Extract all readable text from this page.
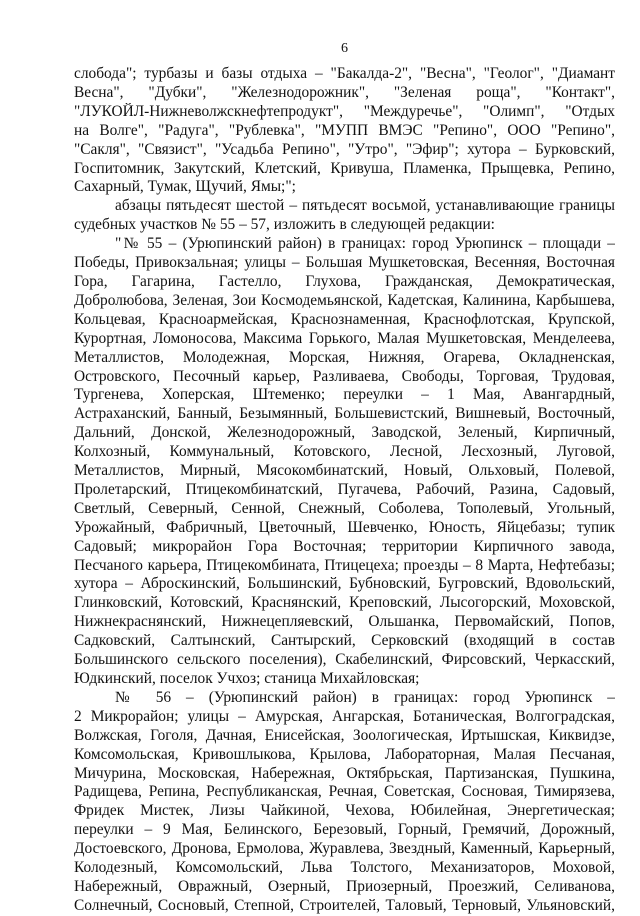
6
слобода"; турбазы и базы отдыха – "Бакалда-2", "Весна", "Геолог", "Диамант
Весна", "Дубки", "Железнодорожник", "Зеленая роща", "Контакт",
"ЛУКОЙЛ-Нижневолжскнефтепродукт", "Междуречье", "Олимп", "Отдых
на Волге", "Радуга", "Рублевка", "МУПП ВМЭС "Репино", ООО "Репино",
"Сакля", "Связист", "Усадьба Репино", "Утро", "Эфир"; хутора – Бурковский,
Госпитомник, Закутский, Клетский, Кривуша, Пламенка, Прыщевка, Репино,
Сахарный, Тумак, Щучий, Ямы;";
абзацы пятьдесят шестой – пятьдесят восьмой, устанавливающие границы
судебных участков № 55 – 57, изложить в следующей редакции:
"№ 55 – (Урюпинский район) в границах: город Урюпинск – площади –
Победы, Привокзальная; улицы – Большая Мушкетовская, Весенняя, Восточная
Гора, Гагарина, Гастелло, Глухова, Гражданская, Демократическая,
Добролюбова, Зеленая, Зои Космодемьянской, Кадетская, Калинина, Карбышева,
Кольцевая, Красноармейская, Краснознаменная, Краснофлотская, Крупской,
Курортная, Ломоносова, Максима Горького, Малая Мушкетовская, Менделеева,
Металлистов, Молодежная, Морская, Нижняя, Огарева, Окладненская,
Островского, Песочный карьер, Разливаева, Свободы, Торговая, Трудовая,
Тургенева, Хоперская, Штеменко; переулки – 1 Мая, Авангардный,
Астраханский, Банный, Безымянный, Большевистский, Вишневый, Восточный,
Дальний, Донской, Железнодорожный, Заводской, Зеленый, Кирпичный,
Колхозный, Коммунальный, Котовского, Лесной, Лесхозный, Луговой,
Металлистов, Мирный, Мясокомбинатский, Новый, Ольховый, Полевой,
Пролетарский, Птицекомбинатский, Пугачева, Рабочий, Разина, Садовый,
Светлый, Северный, Сенной, Снежный, Соболева, Тополевый, Угольный,
Урожайный, Фабричный, Цветочный, Шевченко, Юность, Яйцебазы; тупик
Садовый; микрорайон Гора Восточная; территории Кирпичного завода,
Песчаного карьера, Птицекомбината, Птицецеха; проезды – 8 Марта, Нефтебазы;
хутора – Аброскинский, Большинский, Бубновский, Бугровский, Вдовольский,
Глинковский, Котовский, Краснянский, Креповский, Лысогорский, Моховской,
Нижнекраснянский, Нижнецепляевский, Ольшанка, Первомайский, Попов,
Садковский, Салтынский, Сантырский, Серковский (входящий в состав
Большинского сельского поселения), Скабелинский, Фирсовский, Черкасский,
Юдкинский, поселок Учхоз; станица Михайловская;
№ 56 – (Урюпинский район) в границах: город Урюпинск –
2 Микрорайон; улицы – Амурская, Ангарская, Ботаническая, Волгоградская,
Волжская, Гоголя, Дачная, Енисейская, Зоологическая, Иртышская, Киквидзе,
Комсомольская, Кривошлыкова, Крылова, Лабораторная, Малая Песчаная,
Мичурина, Московская, Набережная, Октябрьская, Партизанская, Пушкина,
Радищева, Репина, Республиканская, Речная, Советская, Сосновая, Тимирязева,
Фридек Мистек, Лизы Чайкиной, Чехова, Юбилейная, Энергетическая;
переулки – 9 Мая, Белинского, Березовый, Горный, Гремячий, Дорожный,
Достоевского, Дронова, Ермолова, Журавлева, Звездный, Каменный, Карьерный,
Колодезный, Комсомольский, Льва Толстого, Механизаторов, Моховой,
Набережный, Овражный, Озерный, Приозерный, Проезжий, Селиванова,
Солнечный, Сосновый, Степной, Строителей, Таловый, Терновый, Ульяновский,
